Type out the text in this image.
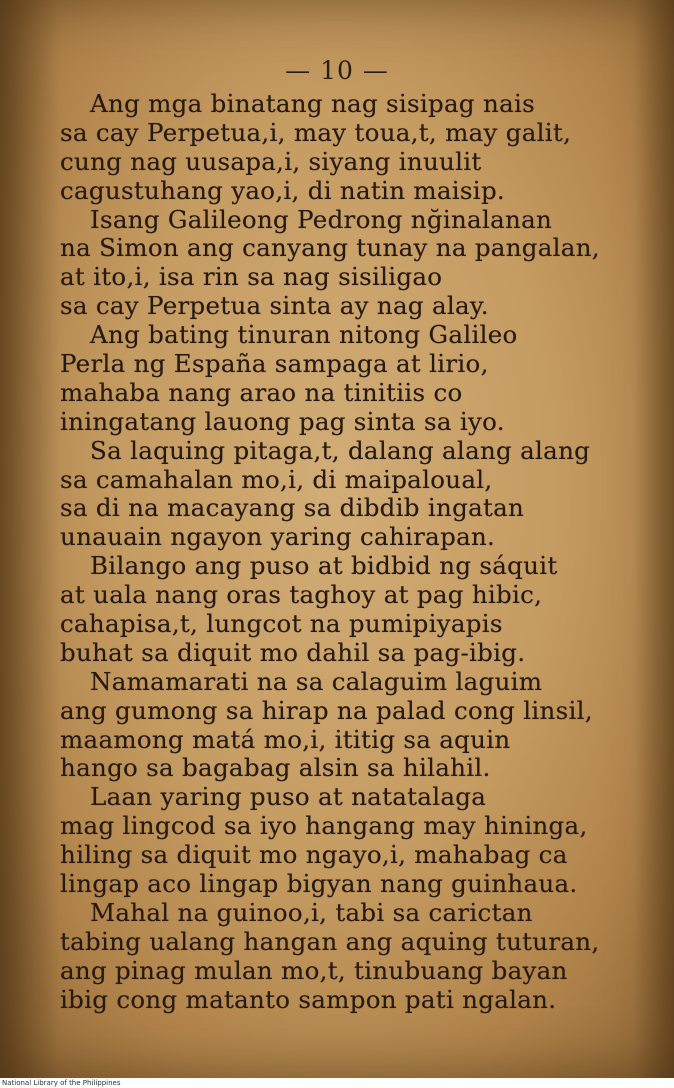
— 10 —
Ang mga binatang nag sisipag nais
sa cay Perpetua,i, may toua,t, may galit,
cung nag uusapa,i, siyang inuulit
cagustuhang yao,i, di natin maisip.
Isang Galileong Pedrong nğinalanan
na Simon ang canyang tunay na pangalan,
at ito,i, isa rin sa nag sisiligao
sa cay Perpetua sinta ay nag alay.
Ang bating tinuran nitong Galileo
Perla ng España sampaga at lirio,
mahaba nang arao na tinitiis co
iningatang lauong pag sinta sa iyo.
Sa laquing pitaga,t, dalang alang alang
sa camahalan mo,i, di maipaloual,
sa di na macayang sa dibdib ingatan
unauain ngayon yaring cahirapan.
Bilango ang puso at bidbid ng sáquit
at uala nang oras taghoy at pag hibic,
cahapisa,t, lungcot na pumipiyapis
buhat sa diquit mo dahil sa pag-ibig.
Namamarati na sa calaguim laguim
ang gumong sa hirap na palad cong linsil,
maamong matá mo,i, ititig sa aquin
hango sa bagabag alsin sa hilahil.
Laan yaring puso at natatalaga
mag lingcod sa iyo hangang may hininga,
hiling sa diquit mo ngayo,i, mahabag ca
lingap aco lingap bigyan nang guinhaua.
Mahal na guinoo,i, tabi sa carictan
tabing ualang hangan ang aquing tuturan,
ang pinag mulan mo,t, tinubuang bayan
ibig cong matanto sampon pati ngalan.
National Library of the Philippines
